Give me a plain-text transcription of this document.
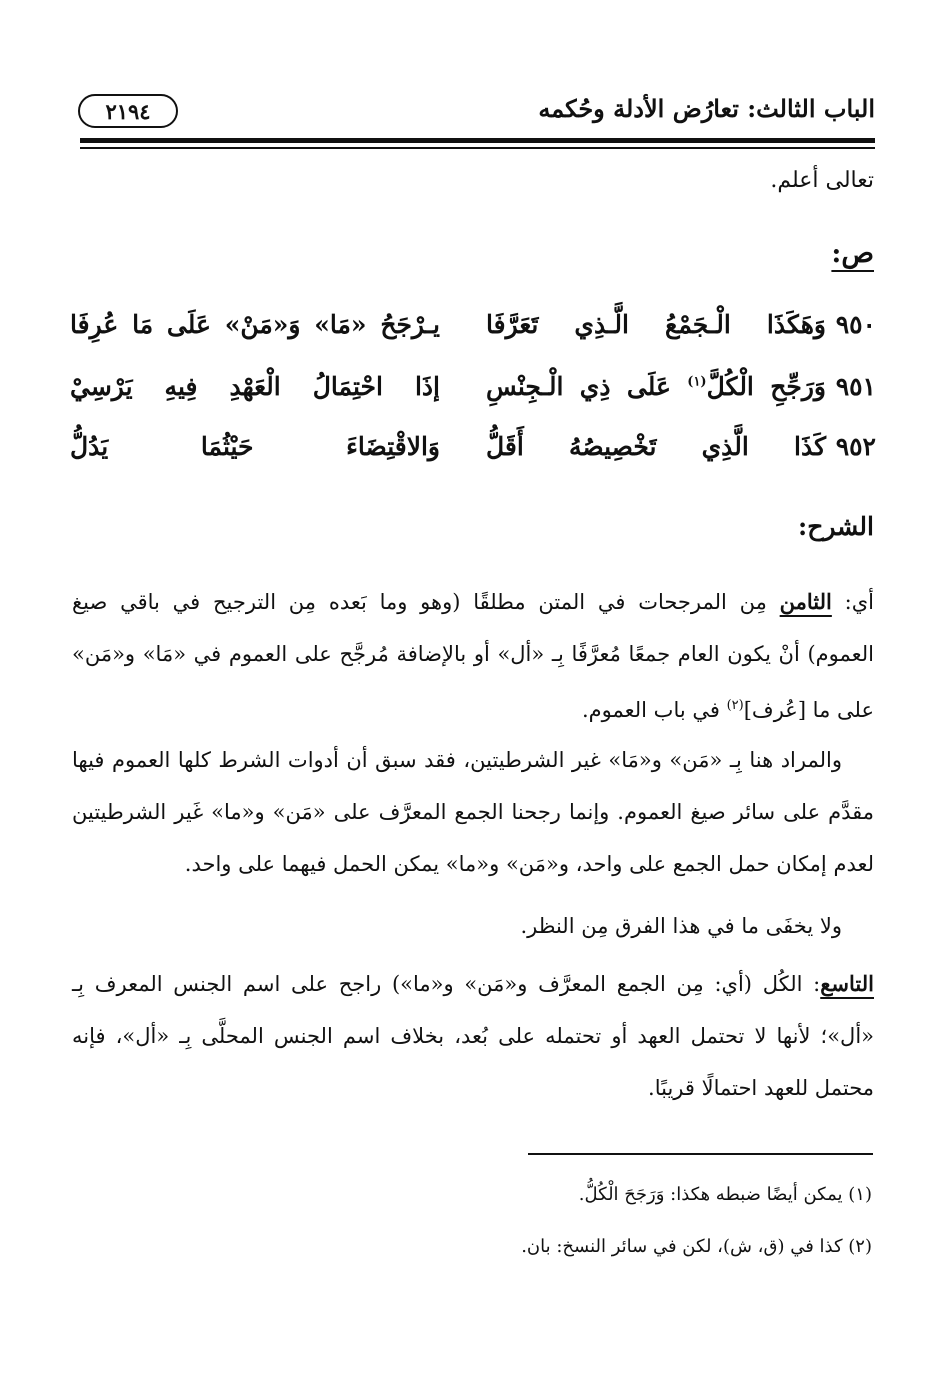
٢١٩٤	الباب الثالث: تعارُض الأدلة وحُكمه
تعالى أعلم.
ص:
٩٥٠
وَهَكَذَا الْـجَمْعُ الَّـذِي تَعَرَّفَا
يـرْجَحُ «مَا» وَ«مَنْ» عَلَى مَا عُرِفَا
٩٥١
وَرَجِّحِ الْكُلَّ$^{(١)}$ عَلَى ذِي الْـجِنْسِ
إذَا احْتِمَالُ الْعَهْدِ فِيهِ يَرْسِيْ
٩٥٢
كَذَا الَّذِي تَخْصِيصُهُ أَقَلُّ
وَالاقْتِضَاءَ حَيْثُمَا يَدُلُّ
الشرح:
أي: الثامن مِن المرجحات في المتن مطلقًا (وهو وما بَعده مِن الترجيح في باقي صيغ
العموم) أنْ يكون العام جمعًا مُعرَّفًا بِـ «أل» أو بالإضافة مُرجَّح على العموم في «مَا» و«مَن»
على ما [عُرف]$^{(٢)}$ في باب العموم.
والمراد هنا بِـ «مَن» و«مَا» غير الشرطيتين، فقد سبق أن أدوات الشرط كلها العموم فيها
مقدَّم على سائر صيغ العموم. وإنما رجحنا الجمع المعرَّف على «مَن» و«ما» غَير الشرطيتين
لعدم إمكان حمل الجمع على واحد، و«مَن» و«ما» يمكن الحمل فيهما على واحد.
ولا يخفَى ما في هذا الفرق مِن النظر.
التاسع: الكُل (أي: مِن الجمع المعرَّف و«مَن» و«ما») راجح على اسم الجنس المعرف بِـ
«أل»؛ لأنها لا تحتمل العهد أو تحتمله على بُعد، بخلاف اسم الجنس المحلَّى بِـ «أل»، فإنه
محتمل للعهد احتمالًا قريبًا.
(١) يمكن أيضًا ضبطه هكذا: وَرَجَحَ الْكُلُّ.
(٢) كذا في (ق، ش)، لكن في سائر النسخ: بان.
